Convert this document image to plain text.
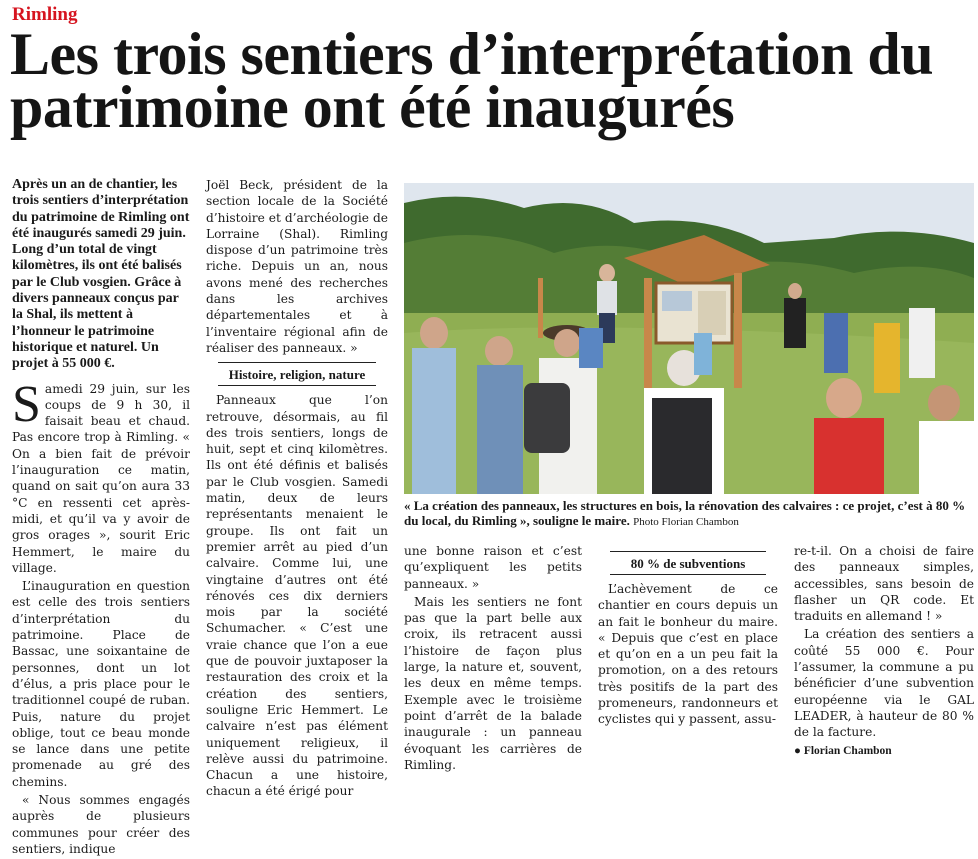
Rimling
Les trois sentiers d’interprétation du patrimoine ont été inaugurés
Après un an de chantier, les trois sentiers d’interprétation du patrimoine de Rimling ont été inaugurés samedi 29 juin. Long d’un total de vingt kilomètres, ils ont été balisés par le Club vosgien. Grâce à divers panneaux conçus par la Shal, ils mettent à l’honneur le patrimoine historique et naturel. Un projet à 55 000 €.

Samedi 29 juin, sur les coups de 9 h 30, il faisait beau et chaud. Pas encore trop à Rimling. « On a bien fait de prévoir l’inauguration ce matin, quand on sait qu’on aura 33 °C en ressenti cet après-midi, et qu’il va y avoir de gros orages », sourit Eric Hemmert, le maire du village.

L’inauguration en question est celle des trois sentiers d’interprétation du patrimoine. Place de Bassac, une soixantaine de personnes, dont un lot d’élus, a pris place pour le traditionnel coupé de ruban. Puis, nature du projet oblige, tout ce beau monde se lance dans une petite promenade au gré des chemins.

« Nous sommes engagés auprès de plusieurs communes pour créer des sentiers, indique

Joël Beck, président de la section locale de la Société d’histoire et d’archéologie de Lorraine (Shal). Rimling dispose d’un patrimoine très riche. Depuis un an, nous avons mené des recherches dans les archives départementales et à l’inventaire régional afin de réaliser des panneaux. »

Histoire, religion, nature

Panneaux que l’on retrouve, désormais, au fil des trois sentiers, longs de huit, sept et cinq kilomètres. Ils ont été définis et balisés par le Club vosgien. Samedi matin, deux de leurs représentants menaient le groupe. Ils ont fait un premier arrêt au pied d’un calvaire. Comme lui, une vingtaine d’autres ont été rénovés ces dix derniers mois par la société Schumacher. « C’est une vraie chance que l’on a eue que de pouvoir juxtaposer la restauration des croix et la création des sentiers, souligne Eric Hemmert. Le calvaire n’est pas élément uniquement religieux, il relève aussi du patrimoine. Chacun a une histoire, chacun a été érigé pour

« La création des panneaux, les structures en bois, la rénovation des calvaires : ce projet, c’est à 80 % du local, du Rimling », souligne le maire. Photo Florian Chambon

une bonne raison et c’est qu’expliquent les petits panneaux. »

Mais les sentiers ne font pas que la part belle aux croix, ils retracent aussi l’histoire de façon plus large, la nature et, souvent, les deux en même temps. Exemple avec le troisième point d’arrêt de la balade inaugurale : un panneau évoquant les carrières de Rimling.

80 % de subventions

L’achèvement de ce chantier en cours depuis un an fait le bonheur du maire. « Depuis que c’est en place et qu’on en a un peu fait la promotion, on a des retours très positifs de la part des promeneurs, randonneurs et cyclistes qui y passent, assu-

re-t-il. On a choisi de faire des panneaux simples, accessibles, sans besoin de flasher un QR code. Et traduits en allemand ! »

La création des sentiers a coûté 55 000 €. Pour l’assumer, la commune a pu bénéficier d’une subvention européenne via le GAL LEADER, à hauteur de 80 % de la facture.

● Florian Chambon
